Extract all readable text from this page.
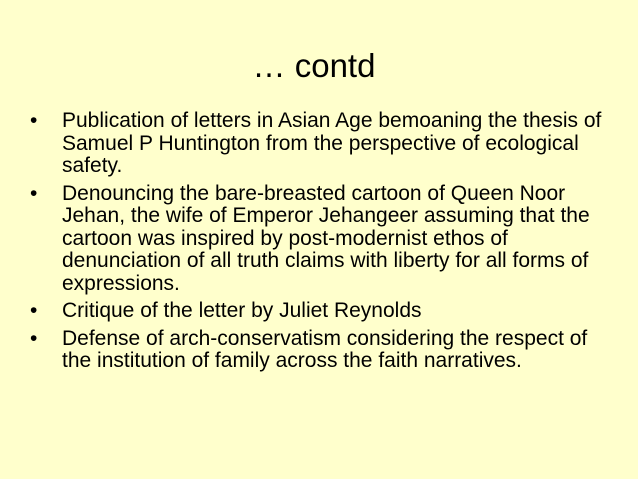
… contd
• Publication of letters in Asian Age bemoaning the thesis of Samuel P Huntington from the perspective of ecological safety.
• Denouncing the bare-breasted cartoon of Queen Noor Jehan, the wife of Emperor Jehangeer assuming that the cartoon was inspired by post-modernist ethos of denunciation of all truth claims with liberty for all forms of expressions.
• Critique of the letter by Juliet Reynolds
• Defense of arch-conservatism considering the respect of the institution of family across the faith narratives.
